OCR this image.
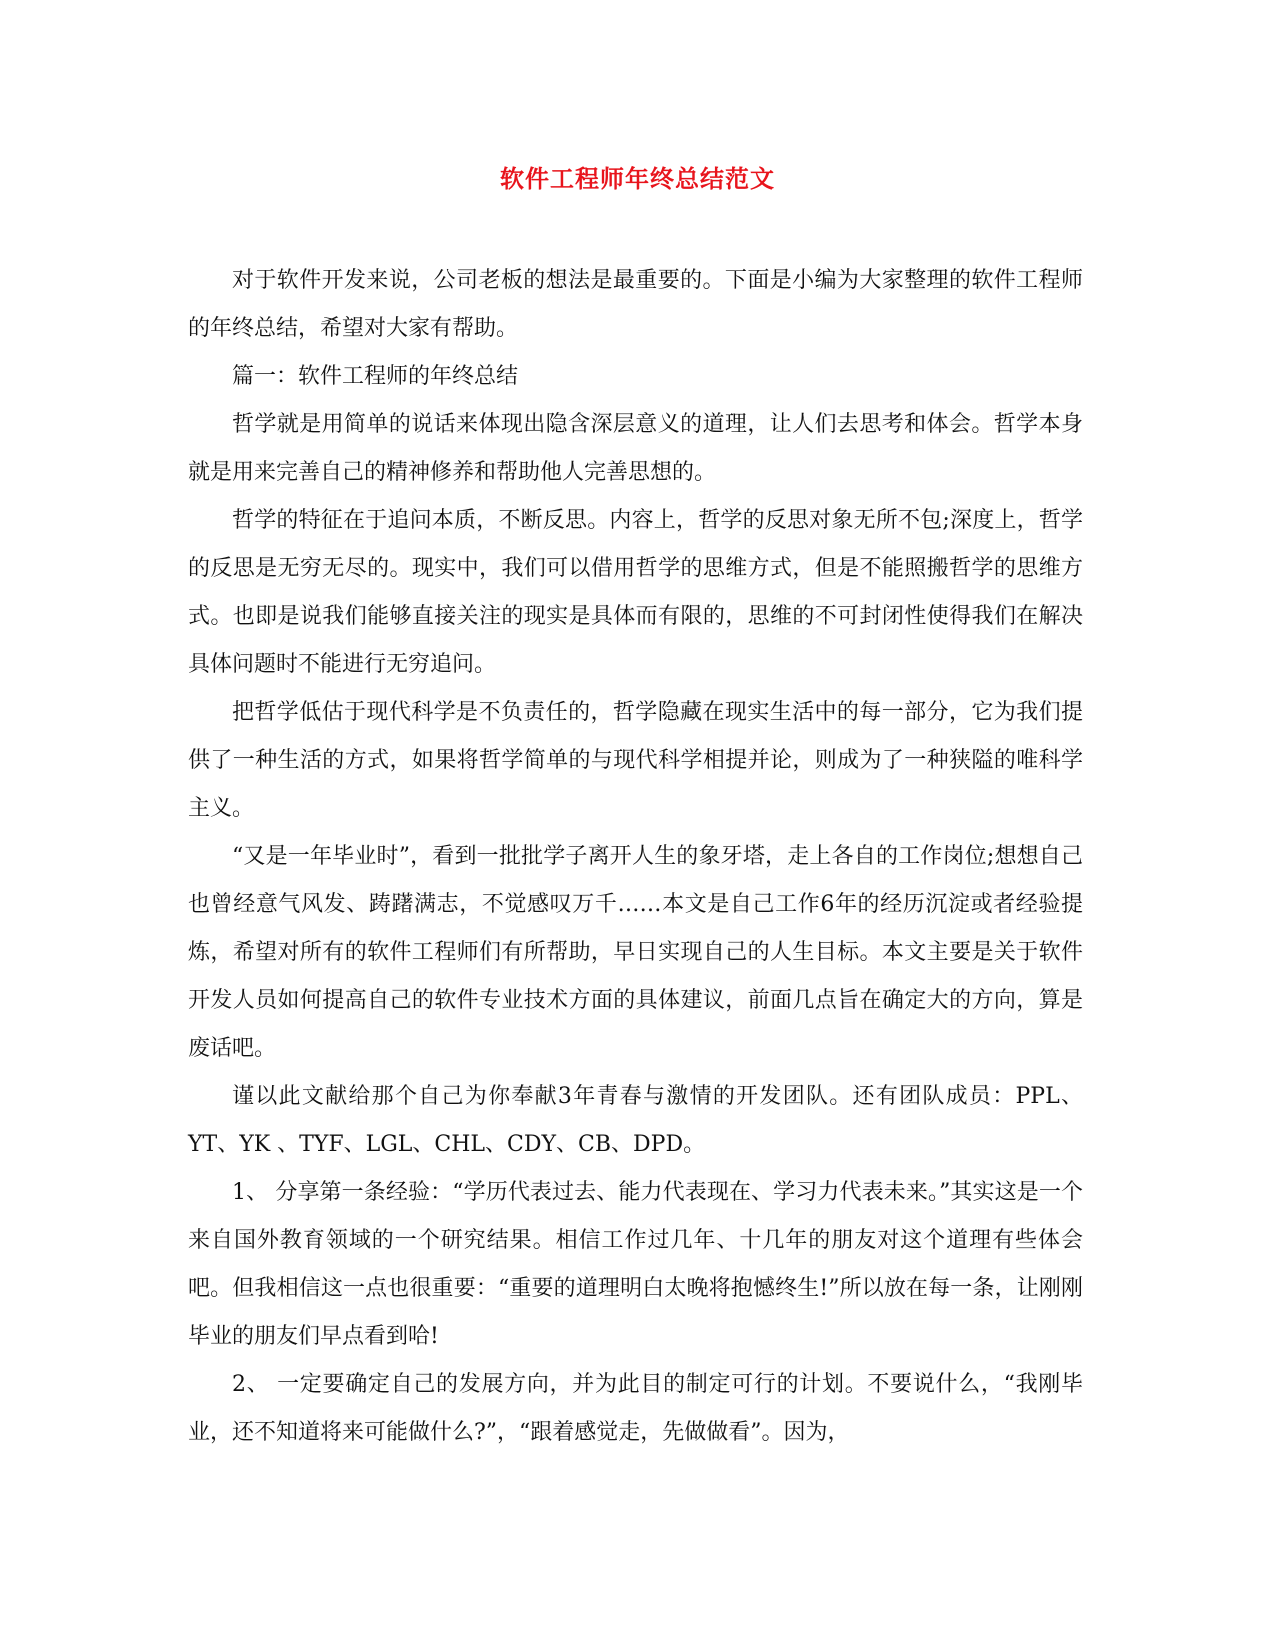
软件工程师年终总结范文

对于软件开发来说，公司老板的想法是最重要的。下面是小编为大家整理的软件工程师的年终总结，希望对大家有帮助。

篇一：软件工程师的年终总结

哲学就是用简单的说话来体现出隐含深层意义的道理，让人们去思考和体会。哲学本身就是用来完善自己的精神修养和帮助他人完善思想的。

哲学的特征在于追问本质，不断反思。内容上，哲学的反思对象无所不包;深度上，哲学的反思是无穷无尽的。现实中，我们可以借用哲学的思维方式，但是不能照搬哲学的思维方式。也即是说我们能够直接关注的现实是具体而有限的，思维的不可封闭性使得我们在解决具体问题时不能进行无穷追问。

把哲学低估于现代科学是不负责任的，哲学隐藏在现实生活中的每一部分，它为我们提供了一种生活的方式，如果将哲学简单的与现代科学相提并论，则成为了一种狭隘的唯科学主义。

“又是一年毕业时”，看到一批批学子离开人生的象牙塔，走上各自的工作岗位;想想自己也曾经意气风发、踌躇满志，不觉感叹万千……本文是自己工作6年的经历沉淀或者经验提炼，希望对所有的软件工程师们有所帮助，早日实现自己的人生目标。本文主要是关于软件开发人员如何提高自己的软件专业技术方面的具体建议，前面几点旨在确定大的方向，算是废话吧。

谨以此文献给那个自己为你奉献3年青春与激情的开发团队。还有团队成员：PPL、YT、YK 、TYF、LGL、CHL、CDY、CB、DPD。

1、 分享第一条经验：“学历代表过去、能力代表现在、学习力代表未来。”其实这是一个来自国外教育领域的一个研究结果。相信工作过几年、十几年的朋友对这个道理有些体会吧。但我相信这一点也很重要：“重要的道理明白太晚将抱憾终生!”所以放在每一条，让刚刚毕业的朋友们早点看到哈!

2、 一定要确定自己的发展方向，并为此目的制定可行的计划。不要说什么，“我刚毕业，还不知道将来可能做什么?”，“跟着感觉走，先做做看”。因为，
